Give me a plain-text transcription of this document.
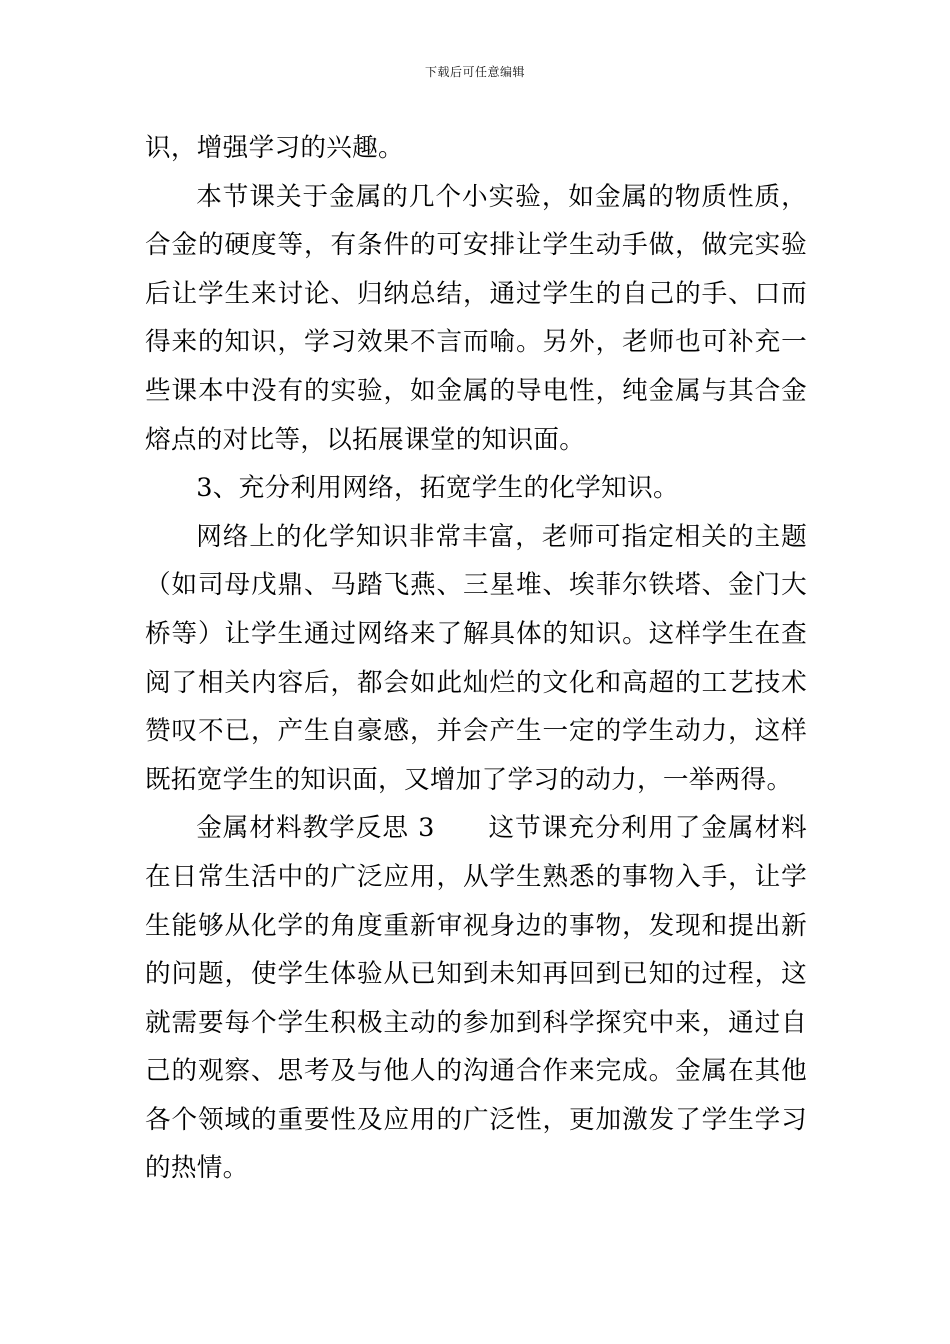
下载后可任意编辑

识，增强学习的兴趣。

本节课关于金属的几个小实验，如金属的物质性质，合金的硬度等，有条件的可安排让学生动手做，做完实验后让学生来讨论、归纳总结，通过学生的自己的手、口而得来的知识，学习效果不言而喻。另外，老师也可补充一些课本中没有的实验，如金属的导电性，纯金属与其合金熔点的对比等，以拓展课堂的知识面。

3、充分利用网络，拓宽学生的化学知识。

网络上的化学知识非常丰富，老师可指定相关的主题（如司母戊鼎、马踏飞燕、三星堆、埃菲尔铁塔、金门大桥等）让学生通过网络来了解具体的知识。这样学生在查阅了相关内容后，都会如此灿烂的文化和高超的工艺技术赞叹不已，产生自豪感，并会产生一定的学生动力，这样既拓宽学生的知识面，又增加了学习的动力，一举两得。

金属材料教学反思 3　　这节课充分利用了金属材料在日常生活中的广泛应用，从学生熟悉的事物入手，让学生能够从化学的角度重新审视身边的事物，发现和提出新的问题，使学生体验从已知到未知再回到已知的过程，这就需要每个学生积极主动的参加到科学探究中来，通过自己的观察、思考及与他人的沟通合作来完成。金属在其他各个领域的重要性及应用的广泛性，更加激发了学生学习的热情。
